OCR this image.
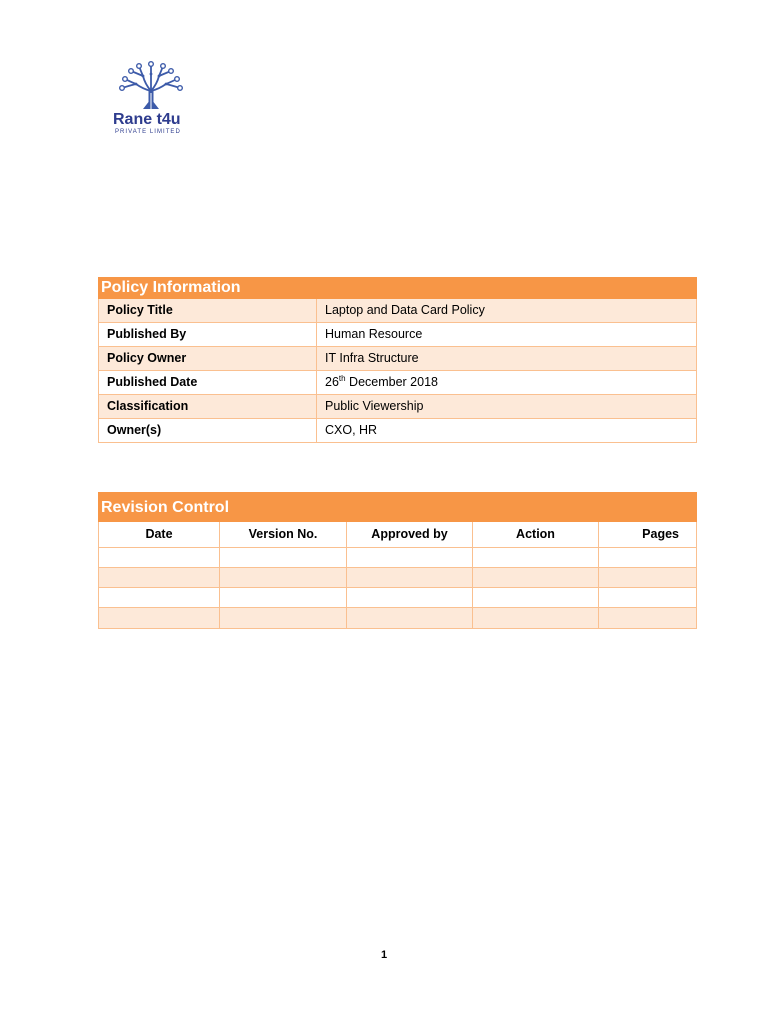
Rane t4u
PRIVATE LIMITED
Policy Information
Policy Title	Laptop and Data Card Policy
Published By	Human Resource
Policy Owner	IT Infra Structure
Published Date	26th December 2018
Classification	Public Viewership
Owner(s)	CXO, HR
Revision Control
Date	Version No.	Approved by	Action	Pages
1
